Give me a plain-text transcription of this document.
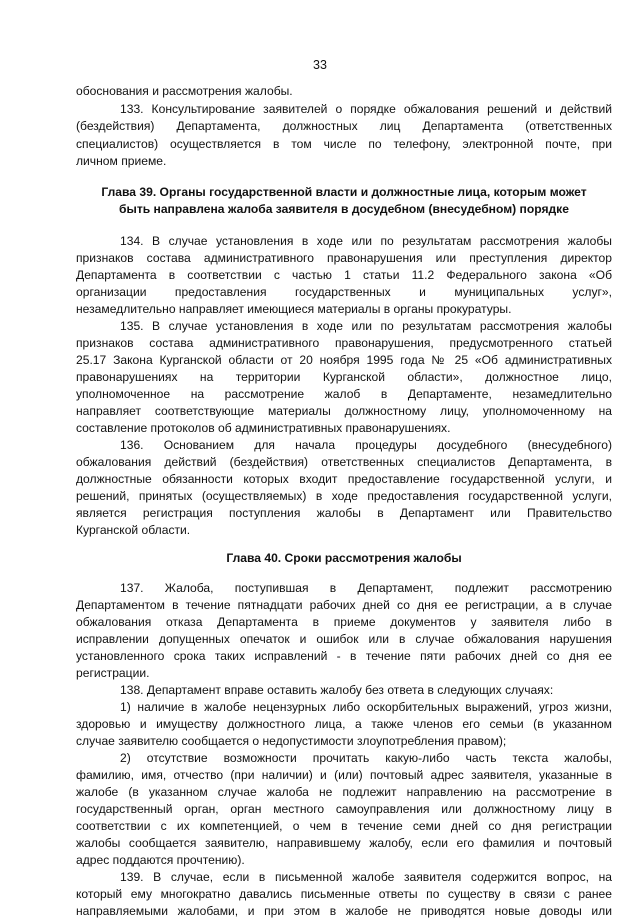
33
обоснования и рассмотрения жалобы.
133. Консультирование заявителей о порядке обжалования решений и действий
(бездействия) Департамента, должностных лиц Департамента (ответственных
специалистов) осуществляется в том числе по телефону, электронной почте, при
личном приеме.
Глава 39. Органы государственной власти и должностные лица, которым может
быть направлена жалоба заявителя в досудебном (внесудебном) порядке
134. В случае установления в ходе или по результатам рассмотрения жалобы
признаков состава административного правонарушения или преступления директор
Департамента в соответствии с частью 1 статьи 11.2 Федерального закона «Об
организации предоставления государственных и муниципальных услуг»,
незамедлительно направляет имеющиеся материалы в органы прокуратуры.
135. В случае установления в ходе или по результатам рассмотрения жалобы
признаков состава административного правонарушения, предусмотренного статьей
25.17 Закона Курганской области от 20 ноября 1995 года № 25 «Об административных
правонарушениях на территории Курганской области», должностное лицо,
уполномоченное на рассмотрение жалоб в Департаменте, незамедлительно
направляет соответствующие материалы должностному лицу, уполномоченному на
составление протоколов об административных правонарушениях.
136. Основанием для начала процедуры досудебного (внесудебного)
обжалования действий (бездействия) ответственных специалистов Департамента, в
должностные обязанности которых входит предоставление государственной услуги, и
решений, принятых (осуществляемых) в ходе предоставления государственной услуги,
является регистрация поступления жалобы в Департамент или Правительство
Курганской области.
Глава 40. Сроки рассмотрения жалобы
137. Жалоба, поступившая в Департамент, подлежит рассмотрению
Департаментом в течение пятнадцати рабочих дней со дня ее регистрации, а в случае
обжалования отказа Департамента в приеме документов у заявителя либо в
исправлении допущенных опечаток и ошибок или в случае обжалования нарушения
установленного срока таких исправлений - в течение пяти рабочих дней со дня ее
регистрации.
138. Департамент вправе оставить жалобу без ответа в следующих случаях:
1) наличие в жалобе нецензурных либо оскорбительных выражений, угроз жизни,
здоровью и имуществу должностного лица, а также членов его семьи (в указанном
случае заявителю сообщается о недопустимости злоупотребления правом);
2) отсутствие возможности прочитать какую-либо часть текста жалобы,
фамилию, имя, отчество (при наличии) и (или) почтовый адрес заявителя, указанные в
жалобе (в указанном случае жалоба не подлежит направлению на рассмотрение в
государственный орган, орган местного самоуправления или должностному лицу в
соответствии с их компетенцией, о чем в течение семи дней со дня регистрации
жалобы сообщается заявителю, направившему жалобу, если его фамилия и почтовый
адрес поддаются прочтению).
139. В случае, если в письменной жалобе заявителя содержится вопрос, на
который ему многократно давались письменные ответы по существу в связи с ранее
направляемыми жалобами, и при этом в жалобе не приводятся новые доводы или
